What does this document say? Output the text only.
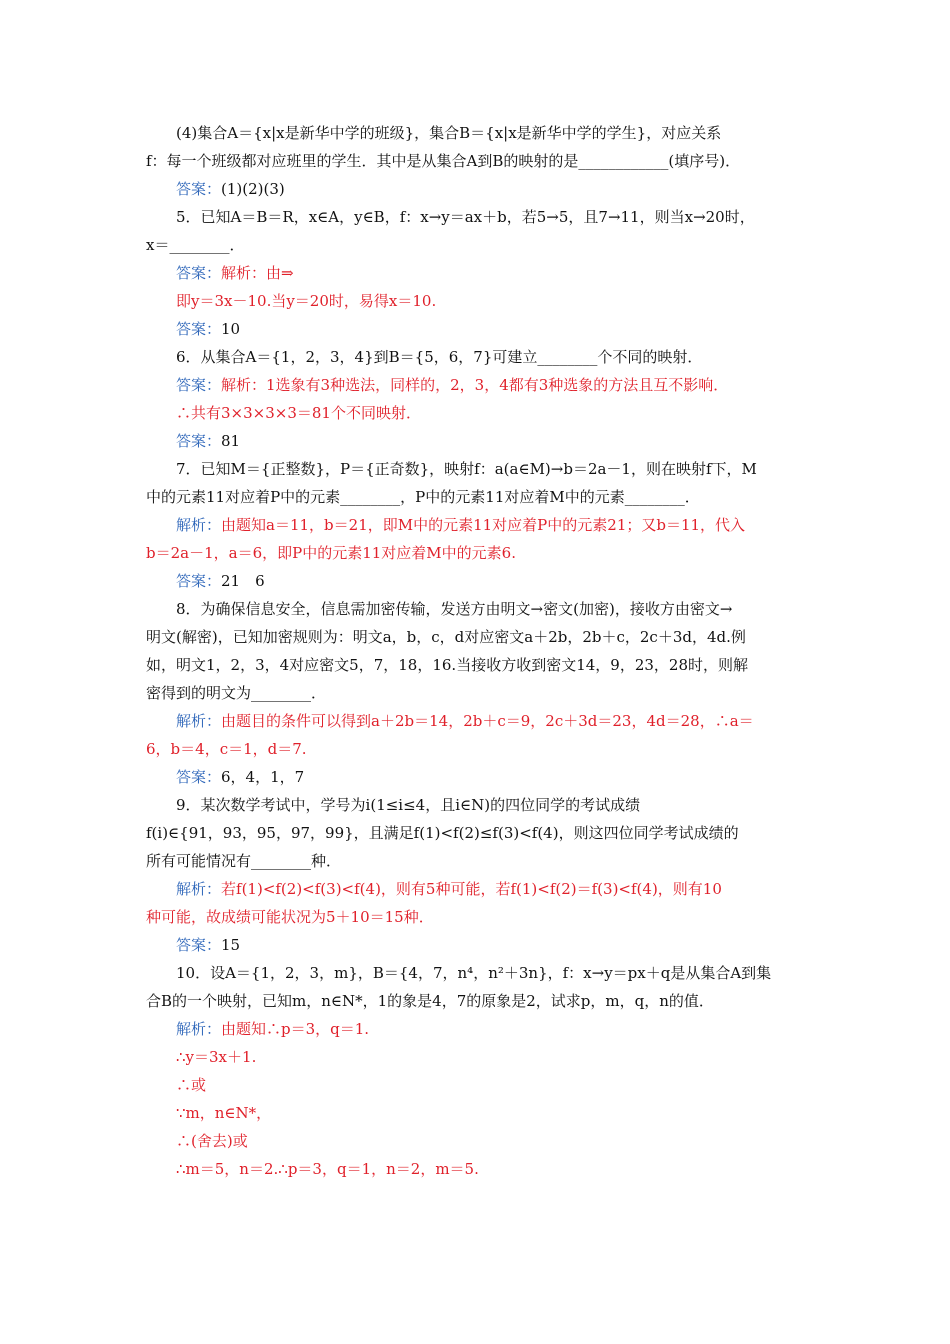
(4)集合A＝{x|x是新华中学的班级}，集合B＝{x|x是新华中学的学生}，对应关系
f：每一个班级都对应班里的学生．其中是从集合A到B的映射的是____________(填序号)．
答案：(1)(2)(3)
5．已知A＝B＝R，x∈A，y∈B，f：x→y＝ax＋b，若5→5，且7→11，则当x→20时，
x＝________．
答案：解析：由⇒
即y＝3x－10.当y＝20时，易得x＝10.
答案：10
6．从集合A＝{1，2，3，4}到B＝{5，6，7}可建立________个不同的映射．
答案：解析：1选象有3种选法，同样的，2，3，4都有3种选象的方法且互不影响．
∴共有3×3×3×3＝81个不同映射．
答案：81
7．已知M＝{正整数}，P＝{正奇数}，映射f：a(a∈M)→b＝2a－1，则在映射f下，M
中的元素11对应着P中的元素________，P中的元素11对应着M中的元素________．
解析：由题知a＝11，b＝21，即M中的元素11对应着P中的元素21；又b＝11，代入
b＝2a－1，a＝6，即P中的元素11对应着M中的元素6.
答案：21　6
8．为确保信息安全，信息需加密传输，发送方由明文→密文(加密)，接收方由密文→
明文(解密)，已知加密规则为：明文a，b，c，d对应密文a＋2b，2b＋c，2c＋3d，4d.例
如，明文1，2，3，4对应密文5，7，18，16.当接收方收到密文14，9，23，28时，则解
密得到的明文为________．
解析：由题目的条件可以得到a＋2b＝14，2b＋c＝9，2c＋3d＝23，4d＝28，∴a＝
6，b＝4，c＝1，d＝7.
答案：6，4，1，7
9．某次数学考试中，学号为i(1≤i≤4，且i∈N)的四位同学的考试成绩
f(i)∈{91，93，95，97，99}，且满足f(1)<f(2)≤f(3)<f(4)，则这四位同学考试成绩的
所有可能情况有________种．
解析：若f(1)<f(2)<f(3)<f(4)，则有5种可能，若f(1)<f(2)＝f(3)<f(4)，则有10
种可能，故成绩可能状况为5＋10＝15种．
答案：15
10．设A＝{1，2，3，m}，B＝{4，7，n⁴，n²＋3n}，f：x→y＝px＋q是从集合A到集
合B的一个映射，已知m，n∈N*，1的象是4，7的原象是2，试求p，m，q，n的值．
解析：由题知∴p＝3，q＝1.
∴y＝3x＋1.
∴或
∵m，n∈N*，
∴(舍去)或
∴m＝5，n＝2.∴p＝3，q＝1，n＝2，m＝5.
